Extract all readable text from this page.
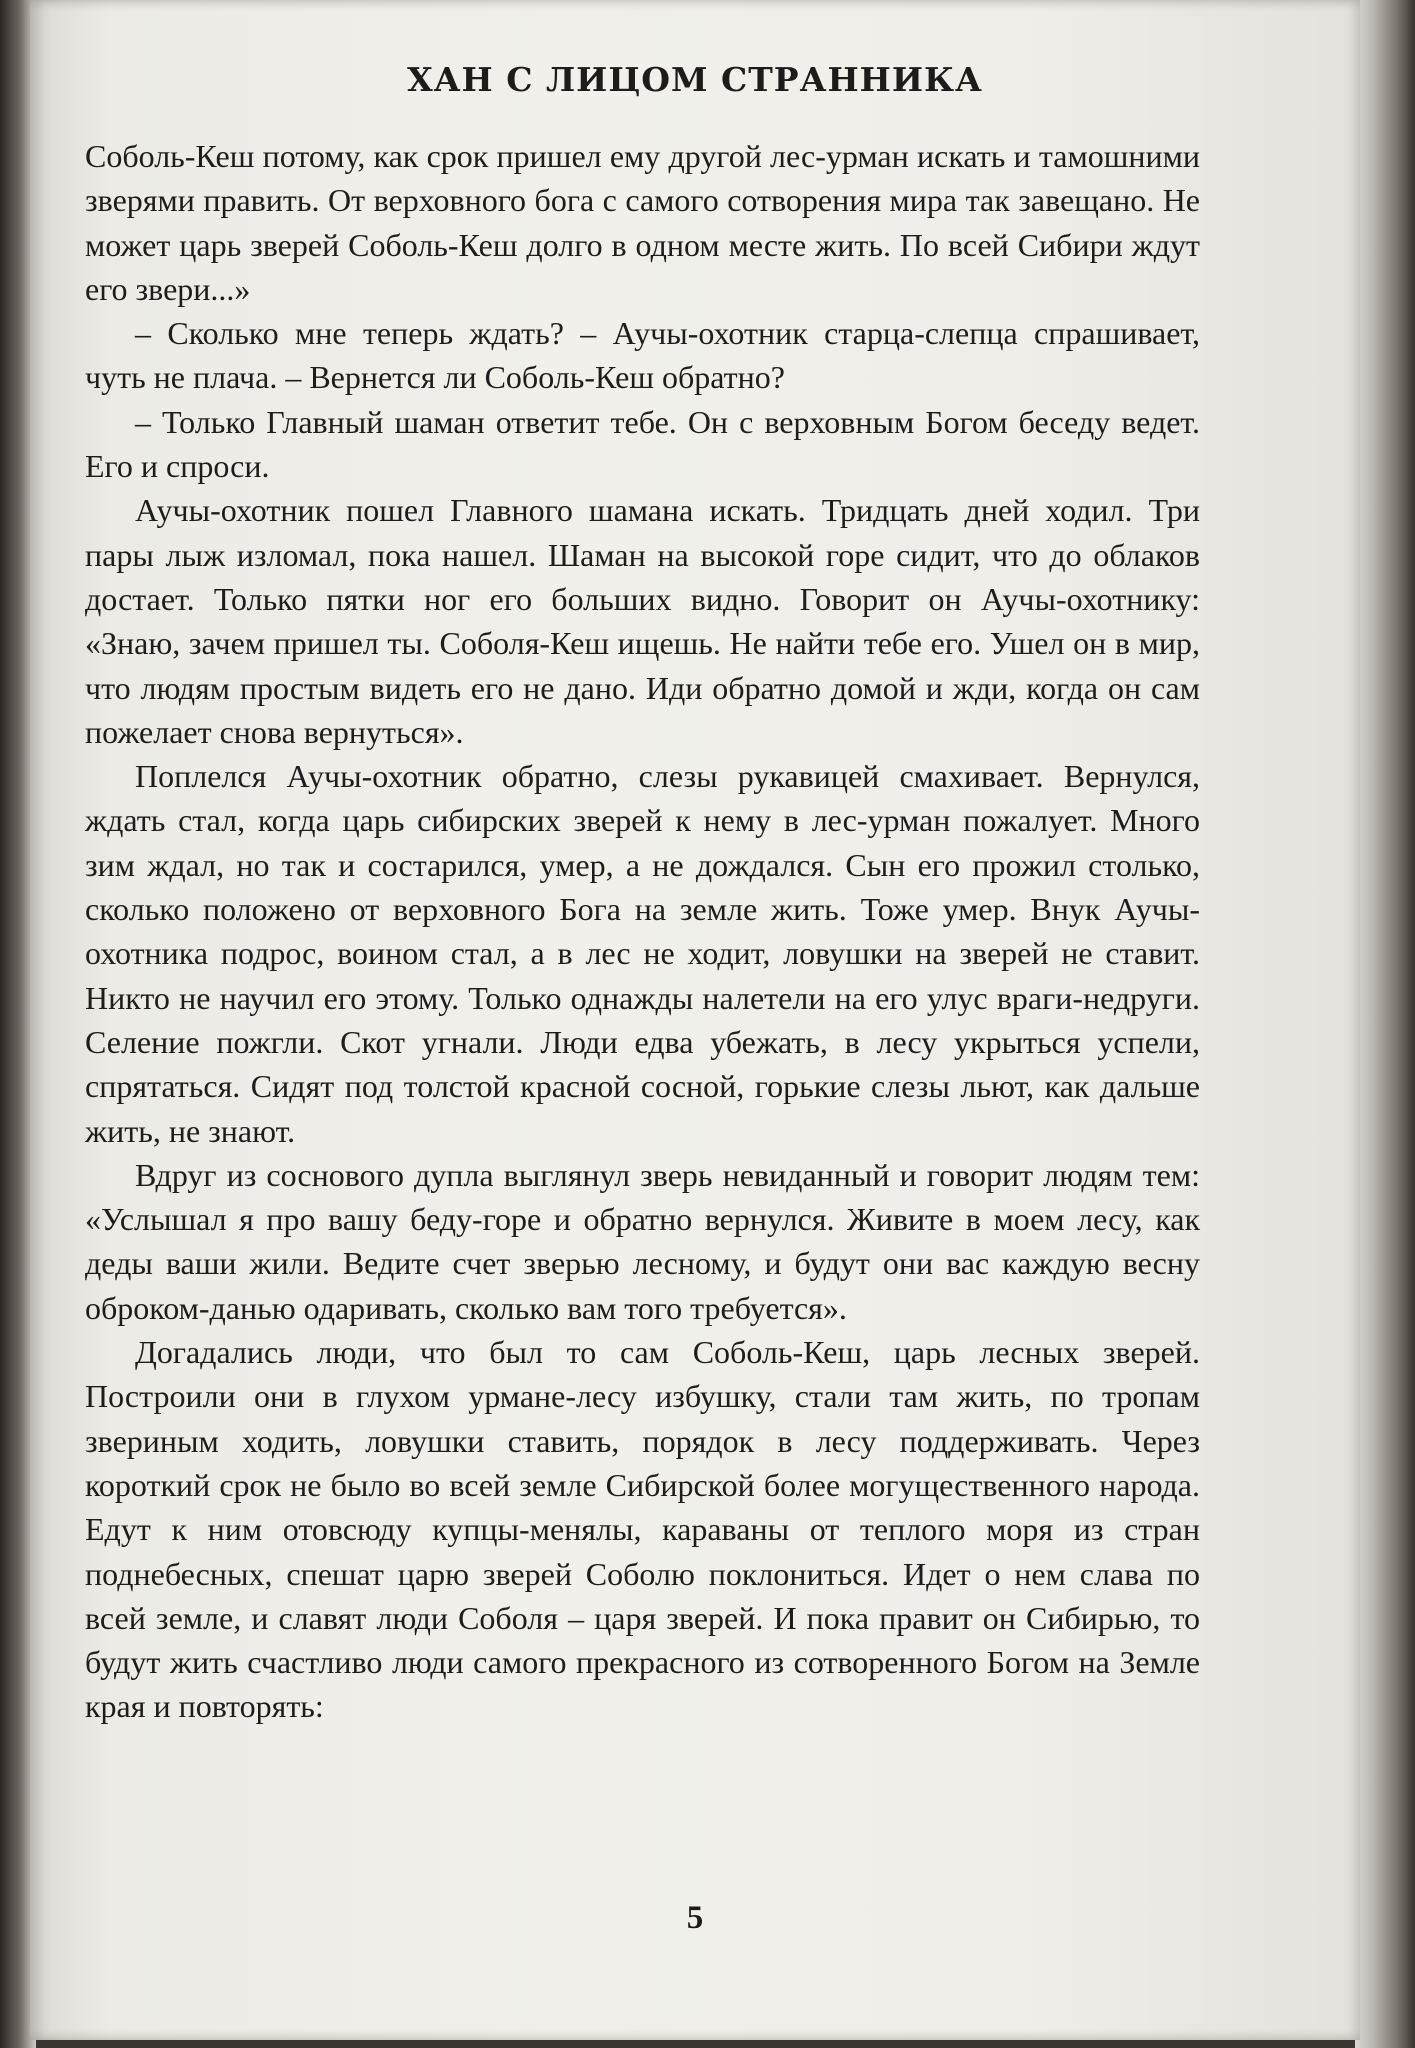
ХАН С ЛИЦОМ СТРАННИКА

Соболь-Кеш потому, как срок пришел ему другой лес-урман искать и тамошними зверями править. От верховного бога с самого сотворения мира так завещано. Не может царь зверей Соболь-Кеш долго в одном месте жить. По всей Сибири ждут его звери...»

– Сколько мне теперь ждать? – Аучы-охотник старца-слепца спрашивает, чуть не плача. – Вернется ли Соболь-Кеш обратно?

– Только Главный шаман ответит тебе. Он с верховным Богом беседу ведет. Его и спроси.

Аучы-охотник пошел Главного шамана искать. Тридцать дней ходил. Три пары лыж изломал, пока нашел. Шаман на высокой горе сидит, что до облаков достает. Только пятки ног его больших видно. Говорит он Аучы-охотнику: «Знаю, зачем пришел ты. Соболя-Кеш ищешь. Не найти тебе его. Ушел он в мир, что людям простым видеть его не дано. Иди обратно домой и жди, когда он сам пожелает снова вернуться».

Поплелся Аучы-охотник обратно, слезы рукавицей смахивает. Вернулся, ждать стал, когда царь сибирских зверей к нему в лес-урман пожалует. Много зим ждал, но так и состарился, умер, а не дождался. Сын его прожил столько, сколько положено от верховного Бога на земле жить. Тоже умер. Внук Аучы-охотника подрос, воином стал, а в лес не ходит, ловушки на зверей не ставит. Никто не научил его этому. Только однажды налетели на его улус враги-недруги. Селение пожгли. Скот угнали. Люди едва убежать, в лесу укрыться успели, спрятаться. Сидят под толстой красной сосной, горькие слезы льют, как дальше жить, не знают.

Вдруг из соснового дупла выглянул зверь невиданный и говорит людям тем: «Услышал я про вашу беду-горе и обратно вернулся. Живите в моем лесу, как деды ваши жили. Ведите счет зверью лесному, и будут они вас каждую весну оброком-данью одаривать, сколько вам того требуется».

Догадались люди, что был то сам Соболь-Кеш, царь лесных зверей. Построили они в глухом урмане-лесу избушку, стали там жить, по тропам звериным ходить, ловушки ставить, порядок в лесу поддерживать. Через короткий срок не было во всей земле Сибирской более могущественного народа. Едут к ним отовсюду купцы-менялы, караваны от теплого моря из стран поднебесных, спешат царю зверей Соболю поклониться. Идет о нем слава по всей земле, и славят люди Соболя – царя зверей. И пока правит он Сибирью, то будут жить счастливо люди самого прекрасного из сотворенного Богом на Земле края и повторять:

5
